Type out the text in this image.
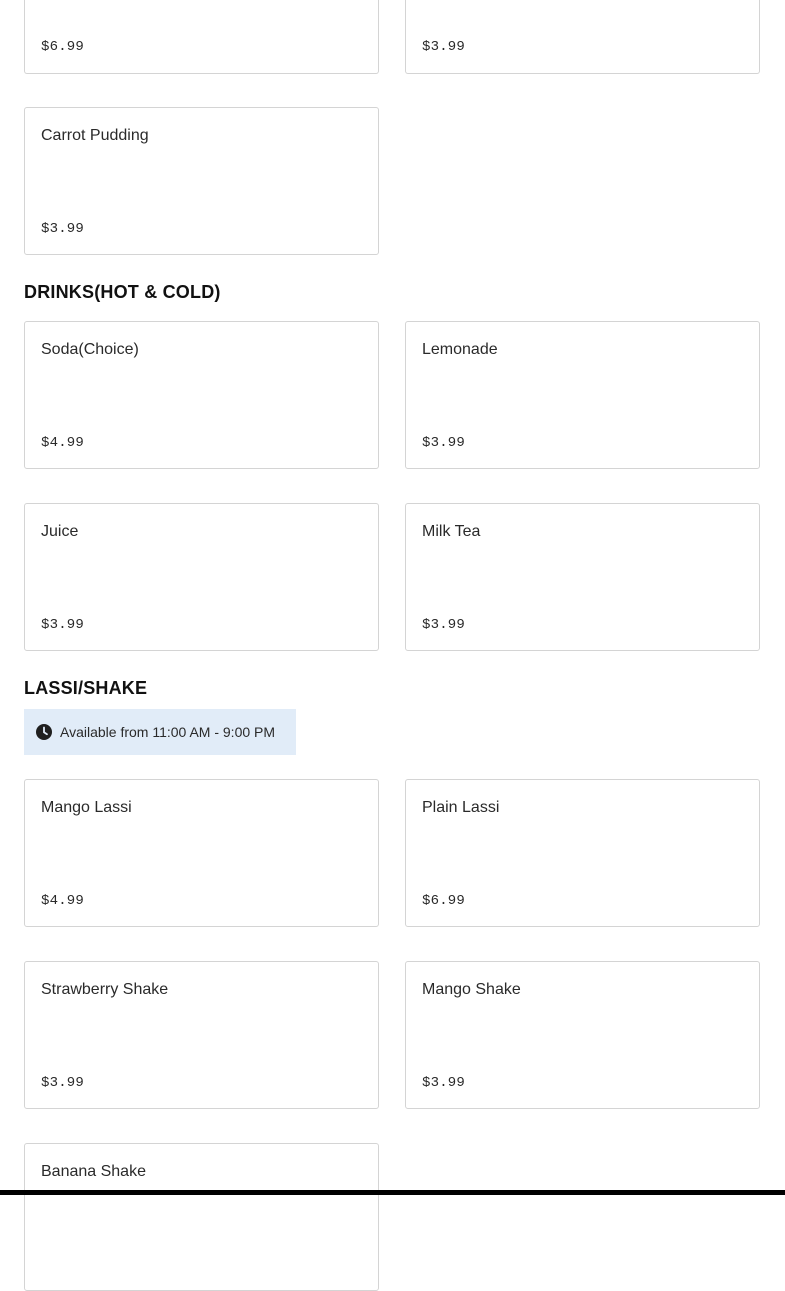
$6.99	$3.99
Carrot Pudding
$3.99
DRINKS(HOT & COLD)
Soda(Choice)
$4.99
Lemonade
$3.99
Juice
$3.99
Milk Tea
$3.99
LASSI/SHAKE
Available from 11:00 AM - 9:00 PM
Mango Lassi
$4.99
Plain Lassi
$6.99
Strawberry Shake
$3.99
Mango Shake
$3.99
Banana Shake
